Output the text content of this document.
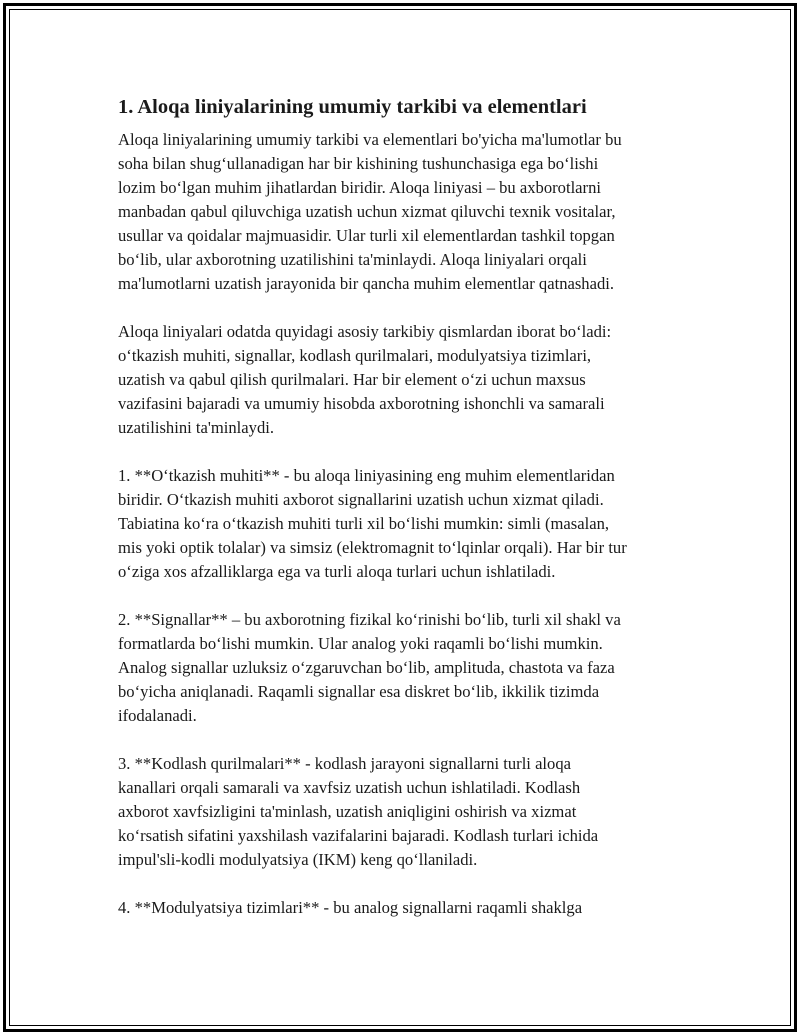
1. Aloqa liniyalarining umumiy tarkibi va elementlari

Aloqa liniyalarining umumiy tarkibi va elementlari bo'yicha ma'lumotlar bu
soha bilan shug‘ullanadigan har bir kishining tushunchasiga ega bo‘lishi
lozim bo‘lgan muhim jihatlardan biridir. Aloqa liniyasi – bu axborotlarni
manbadan qabul qiluvchiga uzatish uchun xizmat qiluvchi texnik vositalar,
usullar va qoidalar majmuasidir. Ular turli xil elementlardan tashkil topgan
bo‘lib, ular axborotning uzatilishini ta'minlaydi. Aloqa liniyalari orqali
ma'lumotlarni uzatish jarayonida bir qancha muhim elementlar qatnashadi.

Aloqa liniyalari odatda quyidagi asosiy tarkibiy qismlardan iborat bo‘ladi:
o‘tkazish muhiti, signallar, kodlash qurilmalari, modulyatsiya tizimlari,
uzatish va qabul qilish qurilmalari. Har bir element o‘zi uchun maxsus
vazifasini bajaradi va umumiy hisobda axborotning ishonchli va samarali
uzatilishini ta'minlaydi.

1. **O‘tkazish muhiti** - bu aloqa liniyasining eng muhim elementlaridan
biridir. O‘tkazish muhiti axborot signallarini uzatish uchun xizmat qiladi.
Tabiatina ko‘ra o‘tkazish muhiti turli xil bo‘lishi mumkin: simli (masalan,
mis yoki optik tolalar) va simsiz (elektromagnit to‘lqinlar orqali). Har bir tur
o‘ziga xos afzalliklarga ega va turli aloqa turlari uchun ishlatiladi.

2. **Signallar** – bu axborotning fizikal ko‘rinishi bo‘lib, turli xil shakl va
formatlarda bo‘lishi mumkin. Ular analog yoki raqamli bo‘lishi mumkin.
Analog signallar uzluksiz o‘zgaruvchan bo‘lib, amplituda, chastota va faza
bo‘yicha aniqlanadi. Raqamli signallar esa diskret bo‘lib, ikkilik tizimda
ifodalanadi.

3. **Kodlash qurilmalari** - kodlash jarayoni signallarni turli aloqa
kanallari orqali samarali va xavfsiz uzatish uchun ishlatiladi. Kodlash
axborot xavfsizligini ta'minlash, uzatish aniqligini oshirish va xizmat
ko‘rsatish sifatini yaxshilash vazifalarini bajaradi. Kodlash turlari ichida
impul'sli-kodli modulyatsiya (IKM) keng qo‘llaniladi.

4. **Modulyatsiya tizimlari** - bu analog signallarni raqamli shaklga
